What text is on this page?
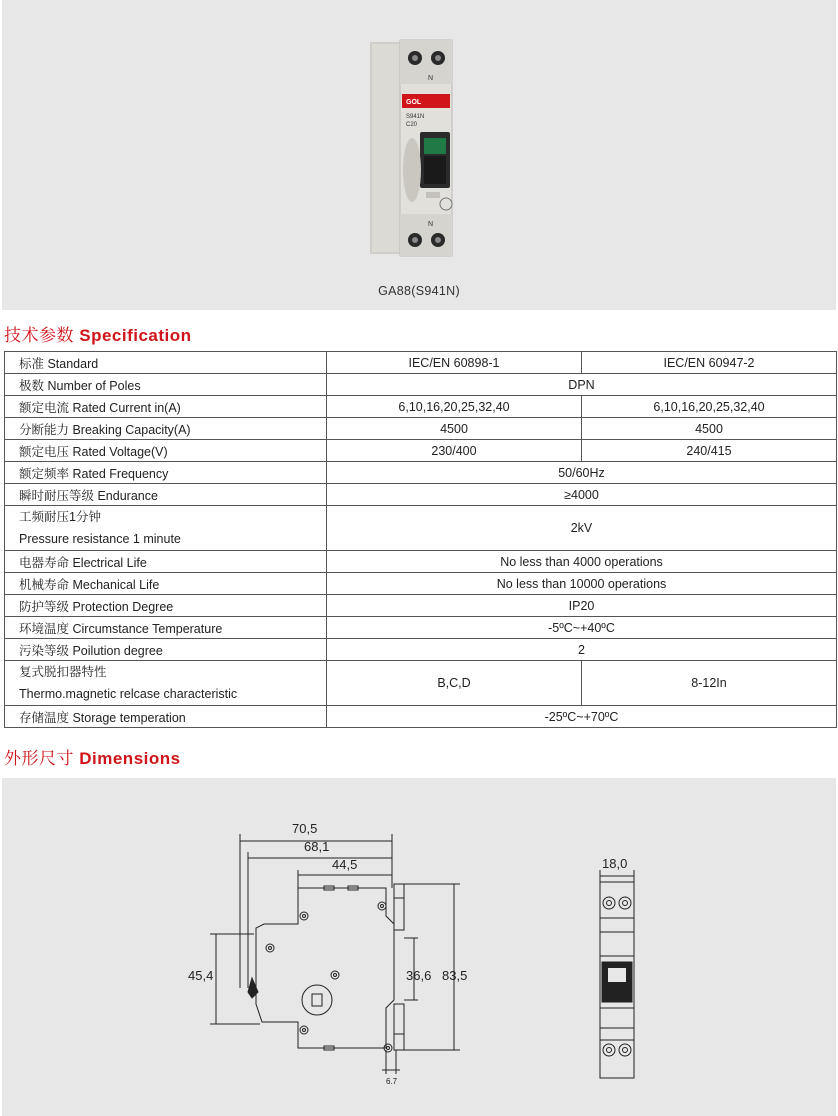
N
GOL
S941N
C20
N
GA88(S941N)
技术参数 Specification
标准 Standard	IEC/EN 60898-1	IEC/EN 60947-2
极数 Number of Poles	DPN	
额定电流 Rated Current in(A)	6,10,16,20,25,32,40	6,10,16,20,25,32,40
分断能力 Breaking Capacity(A)	4500	4500
额定电压 Rated Voltage(V)	230/400	240/415
额定频率 Rated Frequency	50/60Hz	
瞬时耐压等级 Endurance	≥4000	

工频耐压1分钟
Pressure resistance 1 minute	2kV	
电器寿命 Electrical Life	No less than 4000 operations	
机械寿命 Mechanical Life	No less than 10000 operations	
防护等级 Protection Degree	IP20	
环境温度 Circumstance Temperature	-5ºC~+40ºC	
污染等级 Poilution degree	2	

复式脱扣器特性
Thermo.magnetic relcase characteristic	B,C,D	8-12In
存储温度 Storage temperation	-25ºC~+70ºC	
外形尺寸 Dimensions
70,5
68,1
44,5
45,4	36,6 83,5
6.7
18,0
